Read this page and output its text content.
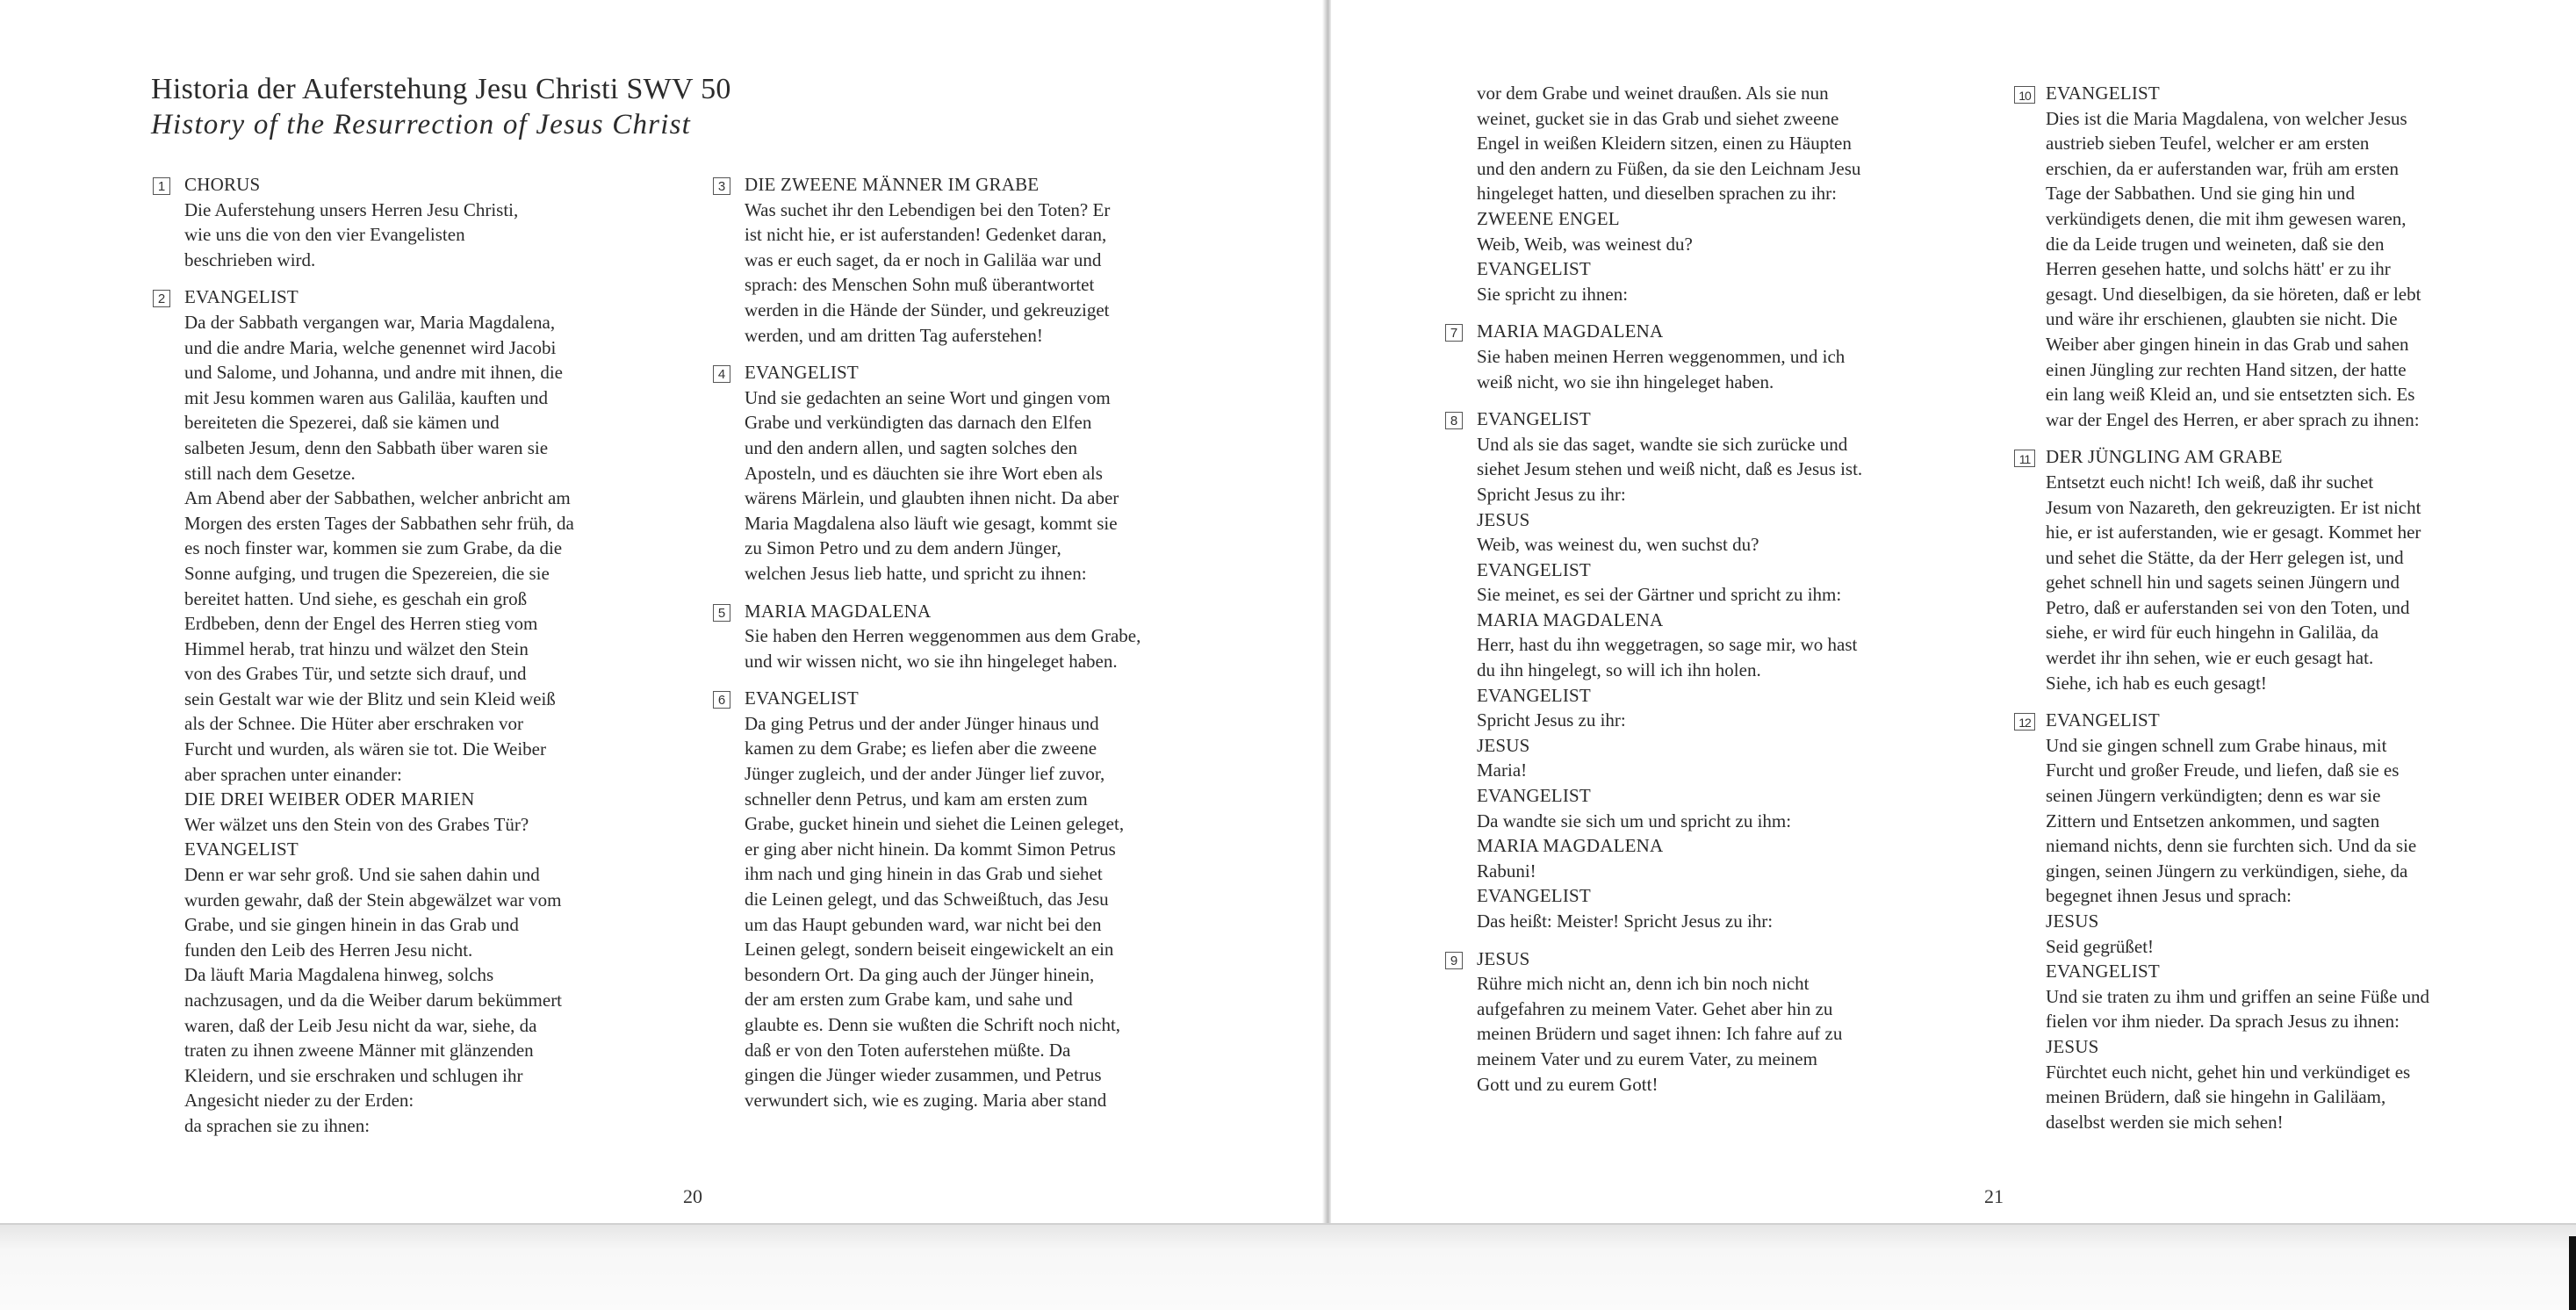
Historia der Auferstehung Jesu Christi SWV 50
History of the Resurrection of Jesus Christ
1 CHORUS
Die Auferstehung unsers Herren Jesu Christi,
wie uns die von den vier Evangelisten
beschrieben wird.
2 EVANGELIST
Da der Sabbath vergangen war, Maria Magdalena,
und die andre Maria, welche genennet wird Jacobi
und Salome, und Johanna, und andre mit ihnen, die
mit Jesu kommen waren aus Galiläa, kauften und
bereiteten die Spezerei, daß sie kämen und
salbeten Jesum, denn den Sabbath über waren sie
still nach dem Gesetze.
Am Abend aber der Sabbathen, welcher anbricht am
Morgen des ersten Tages der Sabbathen sehr früh, da
es noch finster war, kommen sie zum Grabe, da die
Sonne aufging, und trugen die Spezereien, die sie
bereitet hatten. Und siehe, es geschah ein groß
Erdbeben, denn der Engel des Herren stieg vom
Himmel herab, trat hinzu und wälzet den Stein
von des Grabes Tür, und setzte sich drauf, und
sein Gestalt war wie der Blitz und sein Kleid weiß
als der Schnee. Die Hüter aber erschraken vor
Furcht und wurden, als wären sie tot. Die Weiber
aber sprachen unter einander:
DIE DREI WEIBER ODER MARIEN
Wer wälzet uns den Stein von des Grabes Tür?
EVANGELIST
Denn er war sehr groß. Und sie sahen dahin und
wurden gewahr, daß der Stein abgewälzet war vom
Grabe, und sie gingen hinein in das Grab und
funden den Leib des Herren Jesu nicht.
Da läuft Maria Magdalena hinweg, solchs
nachzusagen, und da die Weiber darum bekümmert
waren, daß der Leib Jesu nicht da war, siehe, da
traten zu ihnen zweene Männer mit glänzenden
Kleidern, und sie erschraken und schlugen ihr
Angesicht nieder zu der Erden:
da sprachen sie zu ihnen:
3 DIE ZWEENE MÄNNER IM GRABE
Was suchet ihr den Lebendigen bei den Toten? Er
ist nicht hie, er ist auferstanden! Gedenket daran,
was er euch saget, da er noch in Galiläa war und
sprach: des Menschen Sohn muß überantwortet
werden in die Hände der Sünder, und gekreuziget
werden, und am dritten Tag auferstehen!
4 EVANGELIST
Und sie gedachten an seine Wort und gingen vom
Grabe und verkündigten das darnach den Elfen
und den andern allen, und sagten solches den
Aposteln, und es däuchten sie ihre Wort eben als
wärens Märlein, und glaubten ihnen nicht. Da aber
Maria Magdalena also läuft wie gesagt, kommt sie
zu Simon Petro und zu dem andern Jünger,
welchen Jesus lieb hatte, und spricht zu ihnen:
5 MARIA MAGDALENA
Sie haben den Herren weggenommen aus dem Grabe,
und wir wissen nicht, wo sie ihn hingeleget haben.
6 EVANGELIST
Da ging Petrus und der ander Jünger hinaus und
kamen zu dem Grabe; es liefen aber die zweene
Jünger zugleich, und der ander Jünger lief zuvor,
schneller denn Petrus, und kam am ersten zum
Grabe, gucket hinein und siehet die Leinen geleget,
er ging aber nicht hinein. Da kommt Simon Petrus
ihm nach und ging hinein in das Grab und siehet
die Leinen gelegt, und das Schweißtuch, das Jesu
um das Haupt gebunden ward, war nicht bei den
Leinen gelegt, sondern beiseit eingewickelt an ein
besondern Ort. Da ging auch der Jünger hinein,
der am ersten zum Grabe kam, und sahe und
glaubte es. Denn sie wußten die Schrift noch nicht,
daß er von den Toten auferstehen müßte. Da
gingen die Jünger wieder zusammen, und Petrus
verwundert sich, wie es zuging. Maria aber stand
20	21
vor dem Grabe und weinet draußen. Als sie nun
weinet, gucket sie in das Grab und siehet zweene
Engel in weißen Kleidern sitzen, einen zu Häupten
und den andern zu Füßen, da sie den Leichnam Jesu
hingeleget hatten, und dieselben sprachen zu ihr:
ZWEENE ENGEL
Weib, Weib, was weinest du?
EVANGELIST
Sie spricht zu ihnen:
7 MARIA MAGDALENA
Sie haben meinen Herren weggenommen, und ich
weiß nicht, wo sie ihn hingeleget haben.
8 EVANGELIST
Und als sie das saget, wandte sie sich zurücke und
siehet Jesum stehen und weiß nicht, daß es Jesus ist.
Spricht Jesus zu ihr:
JESUS
Weib, was weinest du, wen suchst du?
EVANGELIST
Sie meinet, es sei der Gärtner und spricht zu ihm:
MARIA MAGDALENA
Herr, hast du ihn weggetragen, so sage mir, wo hast
du ihn hingelegt, so will ich ihn holen.
EVANGELIST
Spricht Jesus zu ihr:
JESUS
Maria!
EVANGELIST
Da wandte sie sich um und spricht zu ihm:
MARIA MAGDALENA
Rabuni!
EVANGELIST
Das heißt: Meister! Spricht Jesus zu ihr:
9 JESUS
Rühre mich nicht an, denn ich bin noch nicht
aufgefahren zu meinem Vater. Gehet aber hin zu
meinen Brüdern und saget ihnen: Ich fahre auf zu
meinem Vater und zu eurem Vater, zu meinem
Gott und zu eurem Gott!
10 EVANGELIST
Dies ist die Maria Magdalena, von welcher Jesus
austrieb sieben Teufel, welcher er am ersten
erschien, da er auferstanden war, früh am ersten
Tage der Sabbathen. Und sie ging hin und
verkündigets denen, die mit ihm gewesen waren,
die da Leide trugen und weineten, daß sie den
Herren gesehen hatte, und solchs hätt' er zu ihr
gesagt. Und dieselbigen, da sie höreten, daß er lebt
und wäre ihr erschienen, glaubten sie nicht. Die
Weiber aber gingen hinein in das Grab und sahen
einen Jüngling zur rechten Hand sitzen, der hatte
ein lang weiß Kleid an, und sie entsetzten sich. Es
war der Engel des Herren, er aber sprach zu ihnen:
11 DER JÜNGLING AM GRABE
Entsetzt euch nicht! Ich weiß, daß ihr suchet
Jesum von Nazareth, den gekreuzigten. Er ist nicht
hie, er ist auferstanden, wie er gesagt. Kommet her
und sehet die Stätte, da der Herr gelegen ist, und
gehet schnell hin und sagets seinen Jüngern und
Petro, daß er auferstanden sei von den Toten, und
siehe, er wird für euch hingehn in Galiläa, da
werdet ihr ihn sehen, wie er euch gesagt hat.
Siehe, ich hab es euch gesagt!
12 EVANGELIST
Und sie gingen schnell zum Grabe hinaus, mit
Furcht und großer Freude, und liefen, daß sie es
seinen Jüngern verkündigten; denn es war sie
Zittern und Entsetzen ankommen, und sagten
niemand nichts, denn sie furchten sich. Und da sie
gingen, seinen Jüngern zu verkündigen, siehe, da
begegnet ihnen Jesus und sprach:
JESUS
Seid gegrüßet!
EVANGELIST
Und sie traten zu ihm und griffen an seine Füße und
fielen vor ihm nieder. Da sprach Jesus zu ihnen:
JESUS
Fürchtet euch nicht, gehet hin und verkündiget es
meinen Brüdern, daß sie hingehn in Galiläam,
daselbst werden sie mich sehen!
